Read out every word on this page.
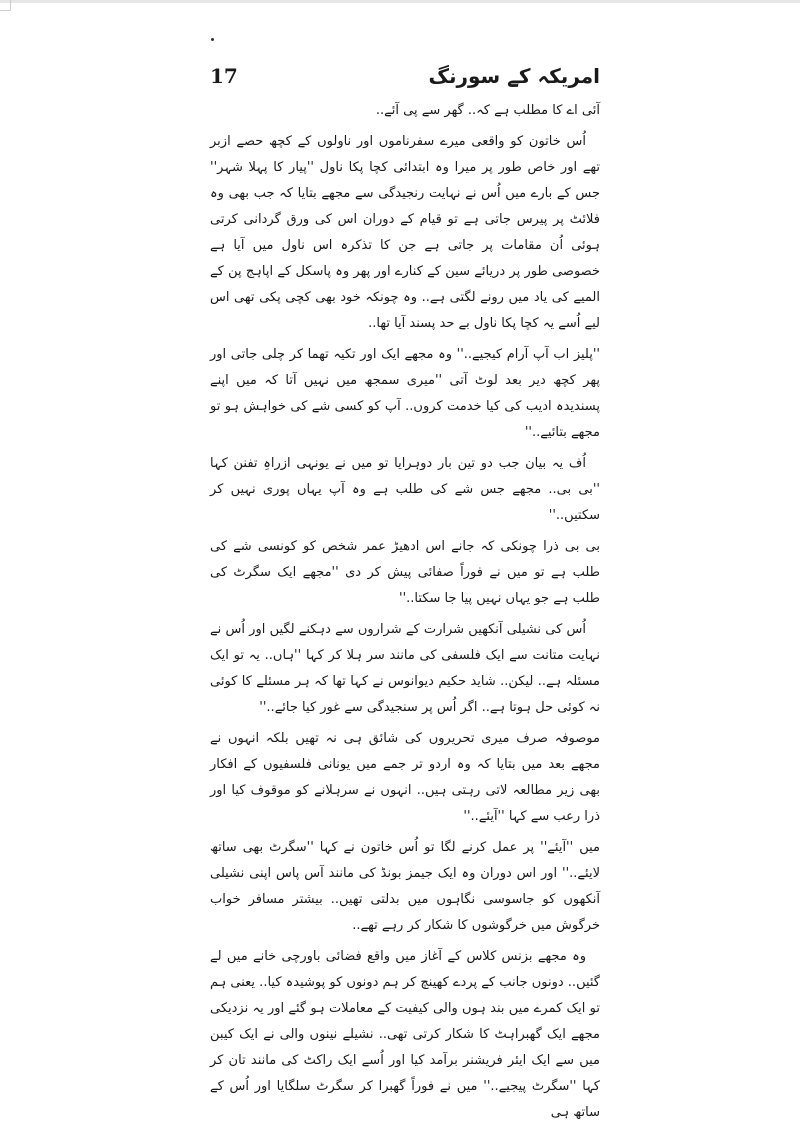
17	امریکہ کے سورنگ

آئی اے کا مطلب ہے کہ.. گھر سے پی آئے..

اُس خاتون کو واقعی میرے سفرناموں اور ناولوں کے کچھ حصے ازبر تھے اور خاص طور پر میرا وہ ابتدائی کچا پکا ناول ''پیار کا پہلا شہر'' جس کے بارے میں اُس نے نہایت رنجیدگی سے مجھے بتایا کہ جب بھی وہ فلائٹ پر پیرس جاتی ہے تو قیام کے دوران اس کی ورق گردانی کرتی ہوئی اُن مقامات پر جاتی ہے جن کا تذکرہ اس ناول میں آیا ہے خصوصی طور پر دریائے سین کے کنارے اور پھر وہ پاسکل کے اپاہج پن کے المیے کی یاد میں رونے لگتی ہے.. وہ چونکہ خود بھی کچی پکی تھی اس لیے اُسے یہ کچا پکا ناول بے حد پسند آیا تھا..

''پلیز اب آپ آرام کیجیے..'' وہ مجھے ایک اور تکیہ تھما کر چلی جاتی اور پھر کچھ دیر بعد لوٹ آتی ''میری سمجھ میں نہیں آتا کہ میں اپنے پسندیدہ ادیب کی کیا خدمت کروں.. آپ کو کسی شے کی خواہش ہو تو مجھے بتائیے..''

اُف یہ بیان جب دو تین بار دوہرایا تو میں نے یونہی ازراہِ تفنن کہا ''بی بی.. مجھے جس شے کی طلب ہے وہ آپ یہاں پوری نہیں کر سکتیں..''

بی بی ذرا چونکی کہ جانے اس ادھیڑ عمر شخص کو کونسی شے کی طلب ہے تو میں نے فوراً صفائی پیش کر دی ''مجھے ایک سگرٹ کی طلب ہے جو یہاں نہیں پیا جا سکتا..''

اُس کی نشیلی آنکھیں شرارت کے شراروں سے دہکنے لگیں اور اُس نے نہایت متانت سے ایک فلسفی کی مانند سر ہلا کر کہا ''ہاں.. یہ تو ایک مسئلہ ہے.. لیکن.. شاید حکیم دیوانوس نے کہا تھا کہ ہر مسئلے کا کوئی نہ کوئی حل ہوتا ہے.. اگر اُس پر سنجیدگی سے غور کیا جائے..''

موصوفہ صرف میری تحریروں کی شائق ہی نہ تھیں بلکہ انہوں نے مجھے بعد میں بتایا کہ وہ اردو تر جمے میں یونانی فلسفیوں کے افکار بھی زیر مطالعہ لاتی رہتی ہیں.. انہوں نے سرہلانے کو موقوف کیا اور ذرا رعب سے کہا ''آیئے..''

میں ''آیئے'' پر عمل کرنے لگا تو اُس خاتون نے کہا ''سگرٹ بھی ساتھ لایئے..'' اور اس دوران وہ ایک جیمز بونڈ کی مانند آس پاس اپنی نشیلی آنکھوں کو جاسوسی نگاہوں میں بدلتی تھیں.. بیشتر مسافر خواب خرگوش میں خرگوشوں کا شکار کر رہے تھے..

وہ مجھے بزنس کلاس کے آغاز میں واقع فضائی باورچی خانے میں لے گئیں.. دونوں جانب کے پردے کھینچ کر ہم دونوں کو پوشیدہ کیا.. یعنی ہم تو ایک کمرے میں بند ہوں والی کیفیت کے معاملات ہو گئے اور یہ نزدیکی مجھے ایک گھبراہٹ کا شکار کرتی تھی.. نشیلے نینوں والی نے ایک کیبن میں سے ایک ایئر فریشنر برآمد کیا اور اُسے ایک راکٹ کی مانند تان کر کہا ''سگرٹ پیجیے..'' میں نے فوراً گھبرا کر سگرٹ سلگایا اور اُس کے ساتھ ہی
